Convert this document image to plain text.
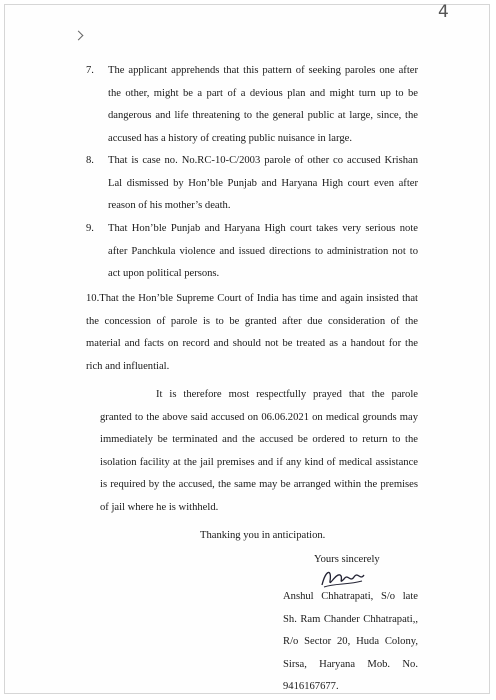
4
7.	The applicant apprehends that this pattern of seeking paroles one after the other, might be a part of a devious plan and might turn up to be dangerous and life threatening to the general public at large, since, the accused has a history of creating public nuisance in large.
8.	That is case no. No.RC-10-C/2003 parole of other co accused Krishan Lal dismissed by Hon’ble Punjab and Haryana High court even after reason of his mother’s death.
9.	That Hon’ble Punjab and Haryana High court takes very serious note after Panchkula violence and issued directions to administration not to act upon political persons.
10.That the Hon’ble Supreme Court of India has time and again insisted that the concession of parole is to be granted after due consideration of the material and facts on record and should not be treated as a handout for the rich and influential.
It is therefore most respectfully prayed that the parole granted to the above said accused on 06.06.2021 on medical grounds may immediately be terminated and the accused be ordered to return to the isolation facility at the jail premises and if any kind of medical assistance is required by the accused, the same may be arranged within the premises of jail where he is withheld.
Thanking you in anticipation.
Yours sincerely
Anshul Chhatrapati, S/o late Sh. Ram Chander Chhatrapati,, R/o Sector 20, Huda Colony, Sirsa, Haryana Mob. No. 9416167677.
